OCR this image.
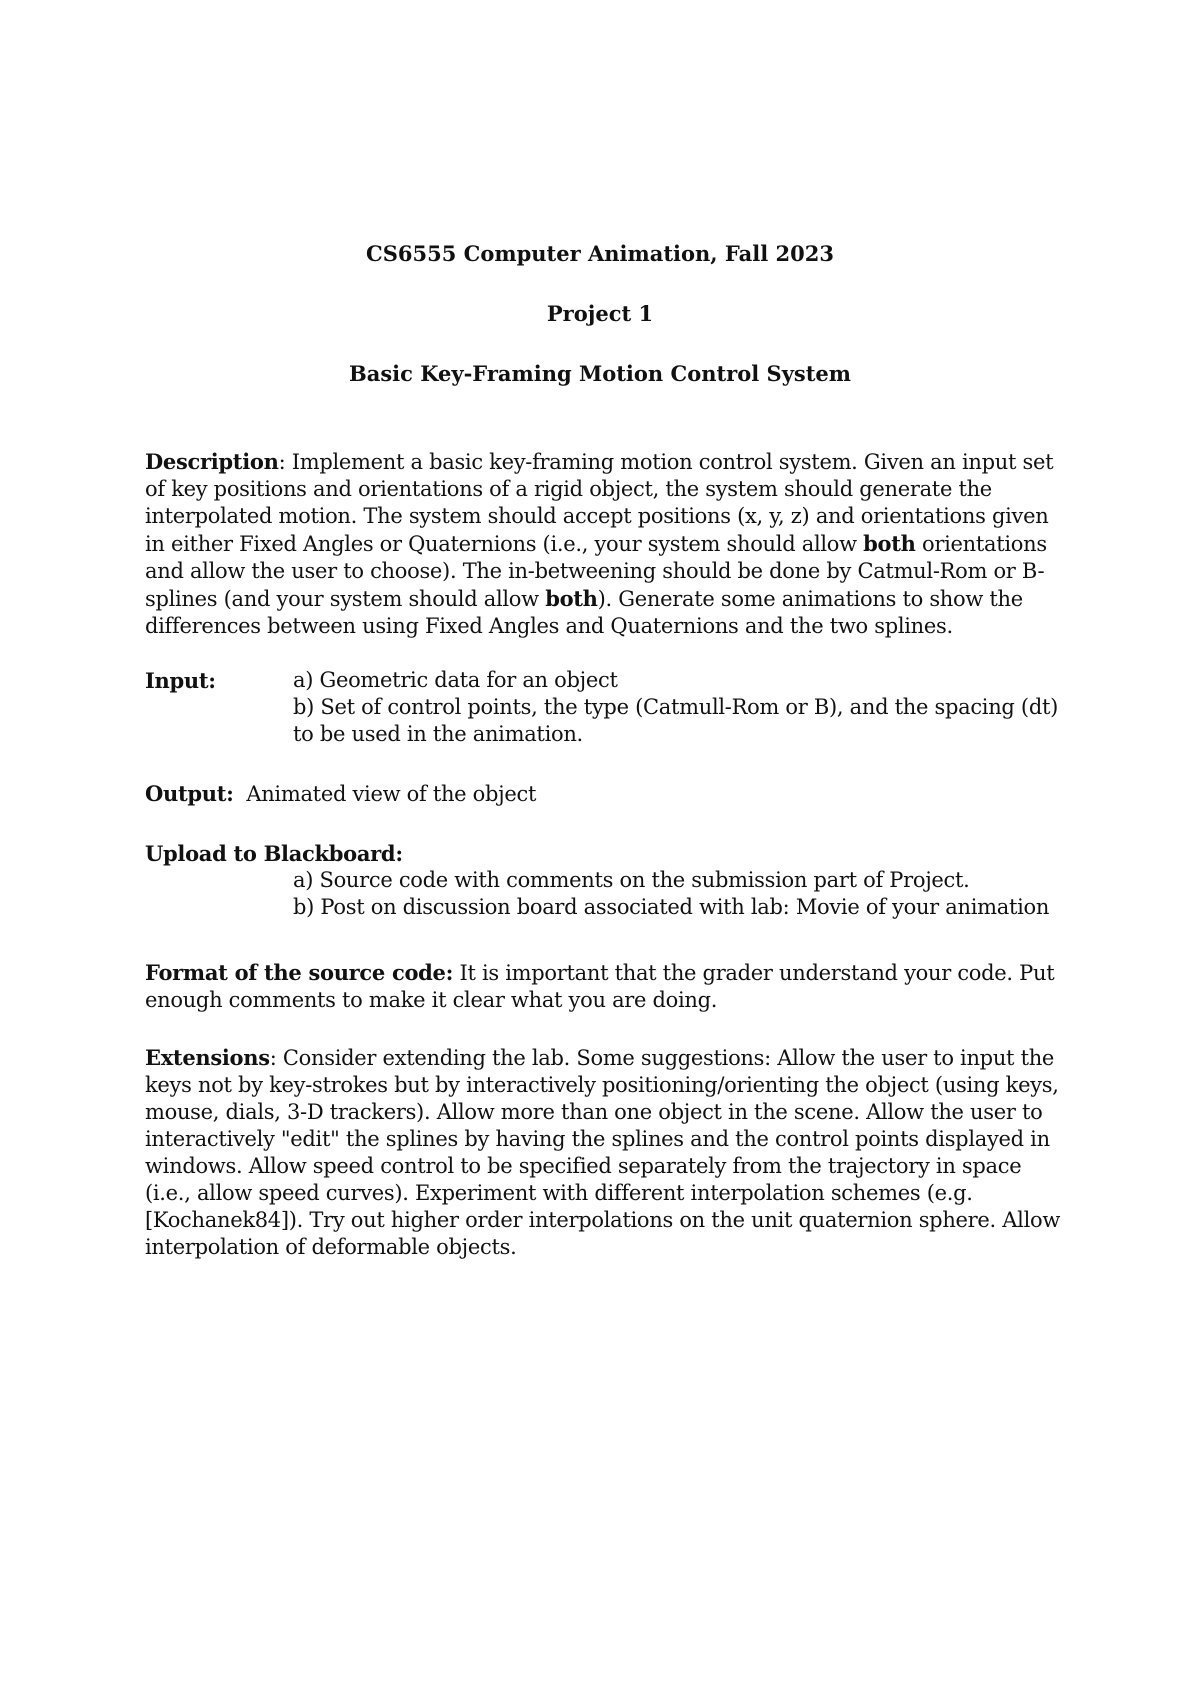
CS6555 Computer Animation, Fall 2023
Project 1
Basic Key-Framing Motion Control System
Description: Implement a basic key-framing motion control system. Given an input set of key positions and orientations of a rigid object, the system should generate the interpolated motion. The system should accept positions (x, y, z) and orientations given in either Fixed Angles or Quaternions (i.e., your system should allow both orientations and allow the user to choose). The in-betweening should be done by Catmul-Rom or B-splines (and your system should allow both). Generate some animations to show the differences between using Fixed Angles and Quaternions and the two splines.
Input:	a) Geometric data for an object
b) Set of control points, the type (Catmull-Rom or B), and the spacing (dt) to be used in the animation.
Output: Animated view of the object
Upload to Blackboard:
a) Source code with comments on the submission part of Project.
b) Post on discussion board associated with lab: Movie of your animation
Format of the source code: It is important that the grader understand your code. Put enough comments to make it clear what you are doing.
Extensions: Consider extending the lab. Some suggestions: Allow the user to input the keys not by key-strokes but by interactively positioning/orienting the object (using keys, mouse, dials, 3-D trackers). Allow more than one object in the scene. Allow the user to interactively "edit" the splines by having the splines and the control points displayed in windows. Allow speed control to be specified separately from the trajectory in space (i.e., allow speed curves). Experiment with different interpolation schemes (e.g. [Kochanek84]). Try out higher order interpolations on the unit quaternion sphere. Allow interpolation of deformable objects.
